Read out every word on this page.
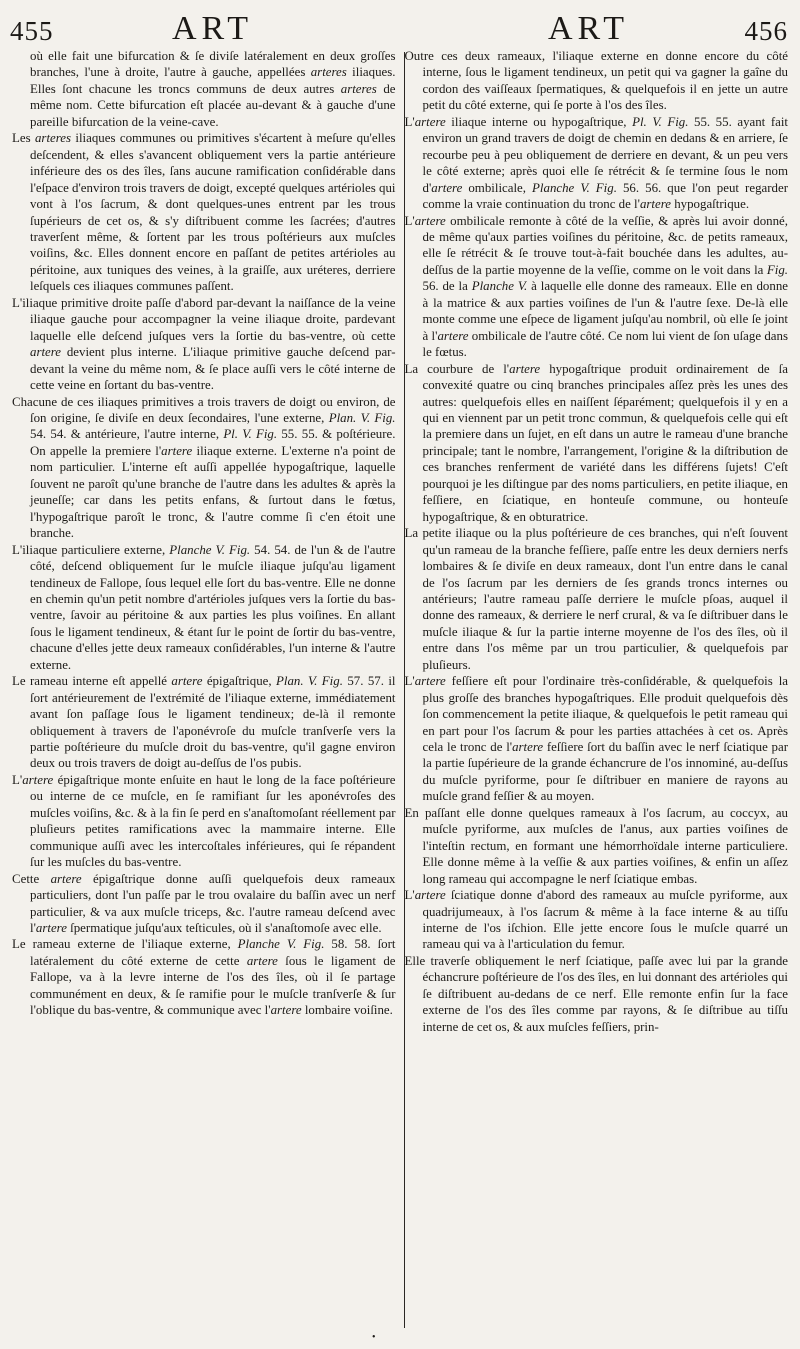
455	ART	ART	456

où elle fait une bifurcation & ſe diviſe latéralement en deux groſſes branches, l'une à droite, l'autre à gauche, appellées arteres iliaques. Elles ſont chacune les troncs communs de deux autres arteres de même nom. Cette bifurcation eſt placée au-devant & à gauche d'une pareille bifurcation de la veine-cave.

Les arteres iliaques communes ou primitives s'écartent à meſure qu'elles deſcendent, & elles s'avancent obliquement vers la partie antérieure inférieure des os des îles, ſans aucune ramification conſidérable dans l'eſpace d'environ trois travers de doigt, excepté quelques artérioles qui vont à l'os ſacrum, & dont quelques-unes entrent par les trous ſupérieurs de cet os, & s'y diſtribuent comme les ſacrées; d'autres traverſent même, & ſortent par les trous poſtérieurs aux muſcles voiſins, &c. Elles donnent encore en paſſant de petites artérioles au péritoine, aux tuniques des veines, à la graiſſe, aux uréteres, derriere leſquels ces iliaques communes paſſent.

L'iliaque primitive droite paſſe d'abord par-devant la naiſſance de la veine iliaque gauche pour accompagner la veine iliaque droite, pardevant laquelle elle deſcend juſques vers la ſortie du bas-ventre, où cette artere devient plus interne. L'iliaque primitive gauche deſcend par-devant la veine du même nom, & ſe place auſſi vers le côté interne de cette veine en ſortant du bas-ventre.

Chacune de ces iliaques primitives a trois travers de doigt ou environ, de ſon origine, ſe diviſe en deux ſecondaires, l'une externe, Plan. V. Fig. 54. 54. & antérieure, l'autre interne, Pl. V. Fig. 55. 55. & poſtérieure. On appelle la premiere l'artere iliaque externe. L'externe n'a point de nom particulier. L'interne eſt auſſi appellée hypogaſtrique, laquelle ſouvent ne paroît qu'une branche de l'autre dans les adultes & après la jeuneſſe; car dans les petits enfans, & ſurtout dans le fœtus, l'hypogaſtrique paroît le tronc, & l'autre comme ſi c'en étoit une branche.

L'iliaque particuliere externe, Planche V. Fig. 54. 54. de l'un & de l'autre côté, deſcend obliquement ſur le muſcle iliaque juſqu'au ligament tendineux de Fallope, ſous lequel elle ſort du bas-ventre. Elle ne donne en chemin qu'un petit nombre d'artérioles juſques vers la ſortie du bas-ventre, ſavoir au péritoine & aux parties les plus voiſines. En allant ſous le ligament tendineux, & étant ſur le point de ſortir du bas-ventre, chacune d'elles jette deux rameaux conſidérables, l'un interne & l'autre externe.

Le rameau interne eſt appellé artere épigaſtrique, Plan. V. Fig. 57. 57. il ſort antérieurement de l'extrémité de l'iliaque externe, immédiatement avant ſon paſſage ſous le ligament tendineux; de-là il remonte obliquement à travers de l'aponévroſe du muſcle tranſverſe vers la partie poſtérieure du muſcle droit du bas-ventre, qu'il gagne environ deux ou trois travers de doigt au-deſſus de l'os pubis.

L'artere épigaſtrique monte enſuite en haut le long de la face poſtérieure ou interne de ce muſcle, en ſe ramifiant ſur les aponévroſes des muſcles voiſins, &c. & à la fin ſe perd en s'anaſtomoſant réellement par pluſieurs petites ramifications avec la mammaire interne. Elle communique auſſi avec les intercoſtales inférieures, qui ſe répandent ſur les muſcles du bas-ventre.

Cette artere épigaſtrique donne auſſi quelquefois deux rameaux particuliers, dont l'un paſſe par le trou ovalaire du baſſin avec un nerf particulier, & va aux muſcle triceps, &c. l'autre rameau deſcend avec l'artere ſpermatique juſqu'aux teſticules, où il s'anaſtomoſe avec elle.

Le rameau externe de l'iliaque externe, Planche V. Fig. 58. 58. ſort latéralement du côté externe de cette artere ſous le ligament de Fallope, va à la levre interne de l'os des îles, où il ſe partage communément en deux, & ſe ramifie pour le muſcle tranſverſe & ſur l'oblique du bas-ventre, & communique avec l'artere lombaire voiſine.

Outre ces deux rameaux, l'iliaque externe en donne encore du côté interne, ſous le ligament tendineux, un petit qui va gagner la gaîne du cordon des vaiſſeaux ſpermatiques, & quelquefois il en jette un autre petit du côté externe, qui ſe porte à l'os des îles.

L'artere iliaque interne ou hypogaſtrique, Pl. V. Fig. 55. 55. ayant fait environ un grand travers de doigt de chemin en dedans & en arriere, ſe recourbe peu à peu obliquement de derriere en devant, & un peu vers le côté externe; après quoi elle ſe rétrécit & ſe termine ſous le nom d'artere ombilicale, Planche V. Fig. 56. 56. que l'on peut regarder comme la vraie continuation du tronc de l'artere hypogaſtrique.

L'artere ombilicale remonte à côté de la veſſie, & après lui avoir donné, de même qu'aux parties voiſines du péritoine, &c. de petits rameaux, elle ſe rétrécit & ſe trouve tout-à-fait bouchée dans les adultes, au-deſſus de la partie moyenne de la veſſie, comme on le voit dans la Fig. 56. de la Planche V. à laquelle elle donne des rameaux. Elle en donne à la matrice & aux parties voiſines de l'un & l'autre ſexe. De-là elle monte comme une eſpece de ligament juſqu'au nombril, où elle ſe joint à l'artere ombilicale de l'autre côté. Ce nom lui vient de ſon uſage dans le fœtus.

La courbure de l'artere hypogaſtrique produit ordinairement de ſa convexité quatre ou cinq branches principales aſſez près les unes des autres: quelquefois elles en naiſſent ſéparément; quelquefois il y en a qui en viennent par un petit tronc commun, & quelquefois celle qui eſt la premiere dans un ſujet, en eſt dans un autre le rameau d'une branche principale; tant le nombre, l'arrangement, l'origine & la diſtribution de ces branches renferment de variété dans les différens ſujets! C'eſt pourquoi je les diſtingue par des noms particuliers, en petite iliaque, en feſſiere, en ſciatique, en honteuſe commune, ou honteuſe hypogaſtrique, & en obturatrice.

La petite iliaque ou la plus poſtérieure de ces branches, qui n'eſt ſouvent qu'un rameau de la branche feſſiere, paſſe entre les deux derniers nerfs lombaires & ſe diviſe en deux rameaux, dont l'un entre dans le canal de l'os ſacrum par les derniers de ſes grands troncs internes ou antérieurs; l'autre rameau paſſe derriere le muſcle pſoas, auquel il donne des rameaux, & derriere le nerf crural, & va ſe diſtribuer dans le muſcle iliaque & ſur la partie interne moyenne de l'os des îles, où il entre dans l'os même par un trou particulier, & quelquefois par pluſieurs.

L'artere feſſiere eſt pour l'ordinaire très-conſidérable, & quelquefois la plus groſſe des branches hypogaſtriques. Elle produit quelquefois dès ſon commencement la petite iliaque, & quelquefois le petit rameau qui en part pour l'os ſacrum & pour les parties attachées à cet os. Après cela le tronc de l'artere feſſiere ſort du baſſin avec le nerf ſciatique par la partie ſupérieure de la grande échancrure de l'os innominé, au-deſſus du muſcle pyriforme, pour ſe diſtribuer en maniere de rayons au muſcle grand feſſier & au moyen.

En paſſant elle donne quelques rameaux à l'os ſacrum, au coccyx, au muſcle pyriforme, aux muſcles de l'anus, aux parties voiſines de l'inteſtin rectum, en formant une hémorrhoïdale interne particuliere. Elle donne même à la veſſie & aux parties voiſines, & enfin un aſſez long rameau qui accompagne le nerf ſciatique embas.

L'artere ſciatique donne d'abord des rameaux au muſcle pyriforme, aux quadrijumeaux, à l'os ſacrum & même à la face interne & au tiſſu interne de l'os iſchion. Elle jette encore ſous le muſcle quarré un rameau qui va à l'articulation du femur.

Elle traverſe obliquement le nerf ſciatique, paſſe avec lui par la grande échancrure poſtérieure de l'os des îles, en lui donnant des artérioles qui ſe diſtribuent au-dedans de ce nerf. Elle remonte enfin ſur la face externe de l'os des îles comme par rayons, & ſe diſtribue au tiſſu interne de cet os, & aux muſcles feſſiers, prin-

•
